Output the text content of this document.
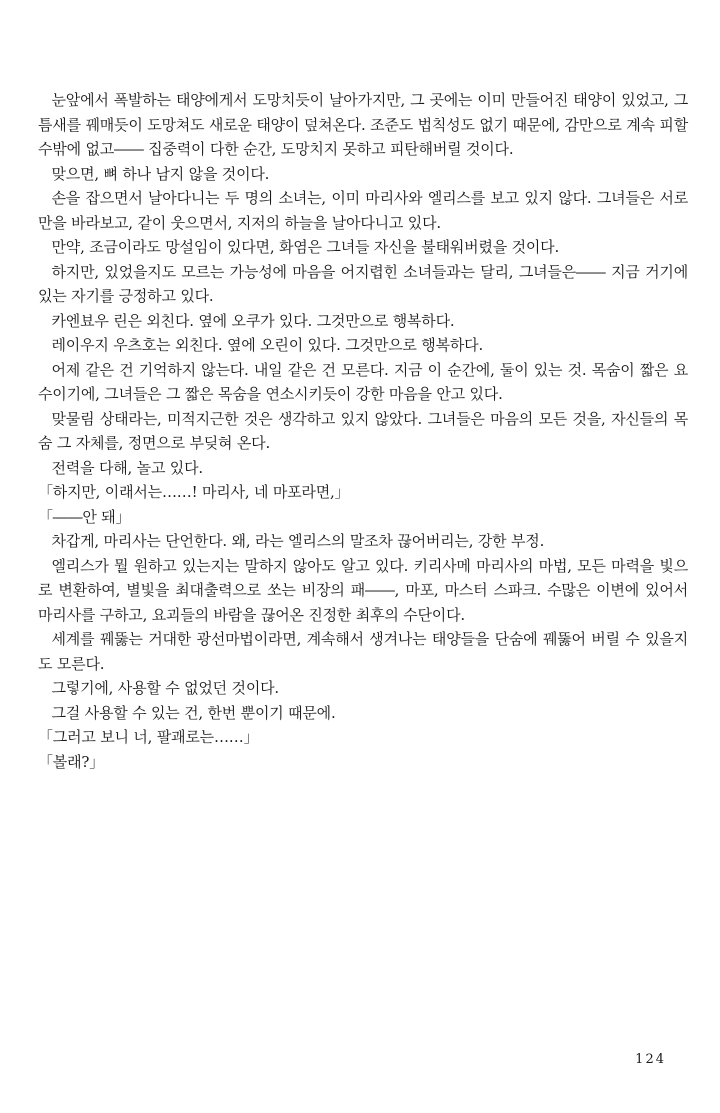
눈앞에서 폭발하는 태양에게서 도망치듯이 날아가지만, 그 곳에는 이미 만들어진 태양이 있었고, 그 틈새를 꿰매듯이 도망쳐도 새로운 태양이 덮쳐온다. 조준도 법칙성도 없기 때문에, 감만으로 계속 피할 수밖에 없고―― 집중력이 다한 순간, 도망치지 못하고 피탄해버릴 것이다.

맞으면, 뼈 하나 남지 않을 것이다.

손을 잡으면서 날아다니는 두 명의 소녀는, 이미 마리사와 엘리스를 보고 있지 않다. 그녀들은 서로만을 바라보고, 같이 웃으면서, 지저의 하늘을 날아다니고 있다.

만약, 조금이라도 망설임이 있다면, 화염은 그녀들 자신을 불태워버렸을 것이다.

하지만, 있었을지도 모르는 가능성에 마음을 어지렵힌 소녀들과는 달리, 그녀들은―― 지금 거기에 있는 자기를 긍정하고 있다.

카엔뵤우 린은 외친다. 옆에 오쿠가 있다. 그것만으로 행복하다.

레이우지 우츠호는 외친다. 옆에 오린이 있다. 그것만으로 행복하다.

어제 같은 건 기억하지 않는다. 내일 같은 건 모른다. 지금 이 순간에, 둘이 있는 것. 목숨이 짧은 요수이기에, 그녀들은 그 짧은 목숨을 연소시키듯이 강한 마음을 안고 있다.

맞물림 상태라는, 미적지근한 것은 생각하고 있지 않았다. 그녀들은 마음의 모든 것을, 자신들의 목숨 그 자체를, 정면으로 부딪혀 온다.

전력을 다해, 놀고 있다.

「하지만, 이래서는……! 마리사, 네 마포라면,」

「――안 돼」

차갑게, 마리사는 단언한다. 왜, 라는 엘리스의 말조차 끊어버리는, 강한 부정.

엘리스가 뭘 원하고 있는지는 말하지 않아도 알고 있다. 키리사메 마리사의 마법, 모든 마력을 빛으로 변환하여, 별빛을 최대출력으로 쏘는 비장의 패――, 마포, 마스터 스파크. 수많은 이변에 있어서 마리사를 구하고, 요괴들의 바람을 끊어온 진정한 최후의 수단이다.

세계를 꿰뚫는 거대한 광선마법이라면, 계속해서 생겨나는 태양들을 단숨에 꿰뚫어 버릴 수 있을지도 모른다.

그렇기에, 사용할 수 없었던 것이다.

그걸 사용할 수 있는 건, 한번 뿐이기 때문에.

「그러고 보니 너, 팔괘로는……」

「볼래?」

124
